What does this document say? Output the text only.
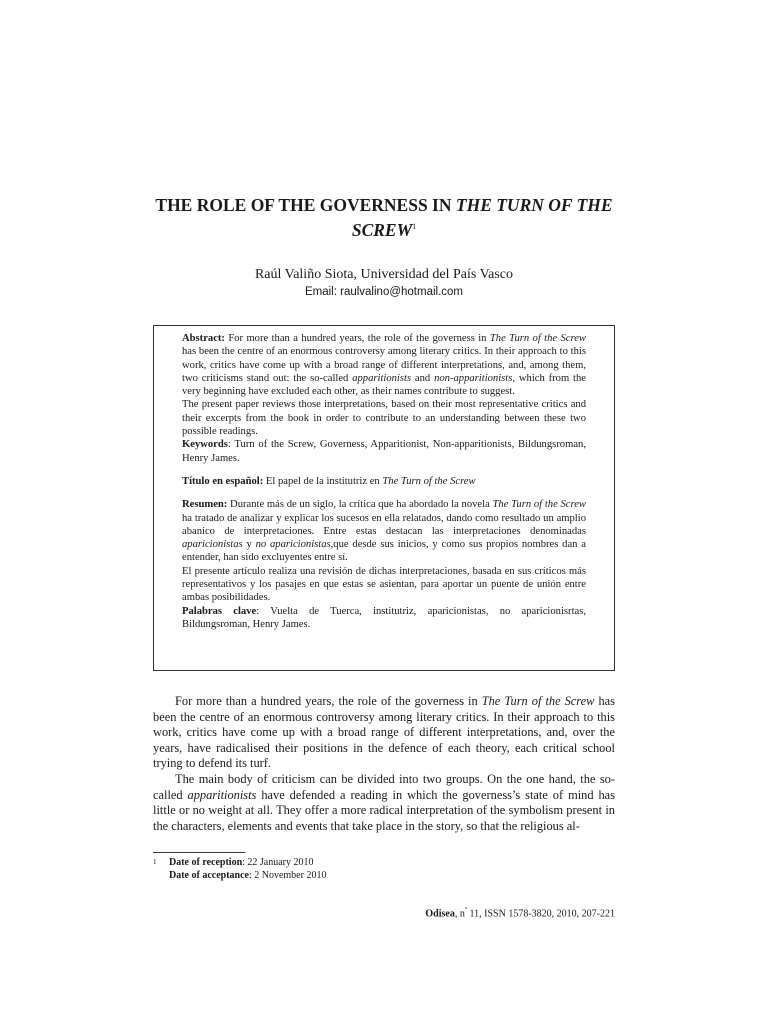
THE ROLE OF THE GOVERNESS IN THE TURN OF THE SCREW$^1$
Raúl Valiño Siota, Universidad del País Vasco
Email: raulvalino@hotmail.com

Abstract: For more than a hundred years, the role of the governess in The Turn of the Screw has been the centre of an enormous controversy among literary critics. In their approach to this work, critics have come up with a broad range of different interpretations, and, among them, two criticisms stand out: the so-called apparitionists and non-apparitionists, which from the very beginning have excluded each other, as their names contribute to suggest.

The present paper reviews those interpretations, based on their most representative critics and their excerpts from the book in order to contribute to an understanding between these two possible readings.

Keywords: Turn of the Screw, Governess, Apparitionist, Non-apparitionists, Bildungsroman, Henry James.

Título en español: El papel de la institutriz en The Turn of the Screw

Resumen: Durante más de un siglo, la crítica que ha abordado la novela The Turn of the Screw ha tratado de analizar y explicar los sucesos en ella relatados, dando como resultado un amplio abanico de interpretaciones. Entre estas destacan las interpretaciones denominadas aparicionistas y no aparicionistas,que desde sus inicios, y como sus propios nombres dan a entender, han sido excluyentes entre sí.

El presente artículo realiza una revisión de dichas interpretaciones, basada en sus críticos más representativos y los pasajes en que estas se asientan, para aportar un puente de unión entre ambas posibilidades.

Palabras clave: Vuelta de Tuerca, institutriz, aparicionistas, no aparicionisrtas, Bildungsroman, Henry James.

For more than a hundred years, the role of the governess in The Turn of the Screw has been the centre of an enormous controversy among literary critics. In their approach to this work, critics have come up with a broad range of different interpretations, and, over the years, have radicalised their positions in the defence of each theory, each critical school trying to defend its turf.

The main body of criticism can be divided into two groups. On the one hand, the so-called apparitionists have defended a reading in which the governess’s state of mind has little or no weight at all. They offer a more radical interpretation of the symbolism present in the characters, elements and events that take place in the story, so that the religious al-

1 Date of reception: 22 January 2010
Date of acceptance: 2 November 2010
Odisea, $n^º$ 11, ISSN 1578-3820, 2010, 207-221
